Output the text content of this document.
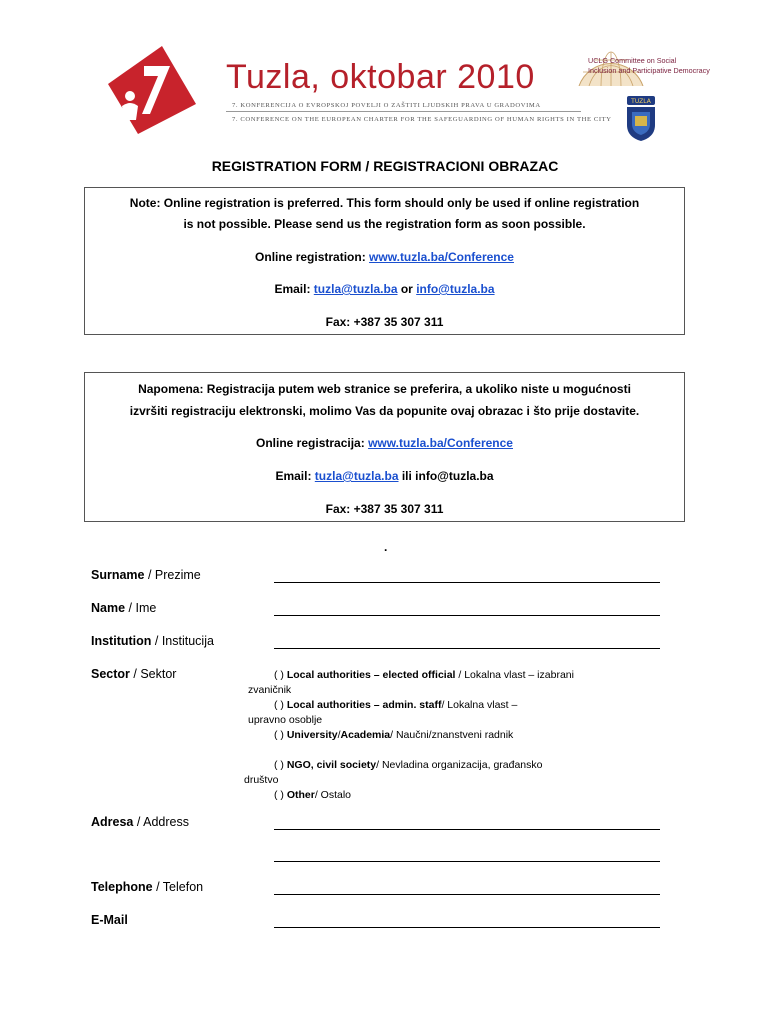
Tuzla, oktobar 2010
7. KONFERENCIJA O EVROPSKOJ POVELJI O ZAŠTITI LJUDSKIH PRAVA U GRADOVIMA
7. CONFERENCE ON THE EUROPEAN CHARTER FOR THE SAFEGUARDING OF HUMAN RIGHTS IN THE CITY
UCLG Committee on Social
Inclusion and Participative Democracy
TUZLA
REGISTRATION FORM / REGISTRACIONI OBRAZAC

Note: Online registration is preferred. This form should only be used if online registration

is not possible. Please send us the registration form as soon possible.

Online registration: www.tuzla.ba/Conference

Email: tuzla@tuzla.ba or info@tuzla.ba

Fax: +387 35 307 311

Napomena: Registracija putem web stranice se preferira, a ukoliko niste u mogućnosti

izvršiti registraciju elektronski, molimo Vas da popunite ovaj obrazac i što prije dostavite.

Online registracija: www.tuzla.ba/Conference

Email: tuzla@tuzla.ba ili info@tuzla.ba

Fax: +387 35 307 311

.
Surname / Prezime
Name / Ime
Institution / Institucija
Sector / Sektor	( ) Local authorities – elected official / Lokalna vlast – izabrani
zvaničnik
( ) Local authorities – admin. staff/ Lokalna vlast –
upravno osoblje
( ) University/Academia/ Naučni/znanstveni radnik
( ) NGO, civil society/ Nevladina organizacija, građansko
društvo
( ) Other/ Ostalo
Adresa / Address
Telephone / Telefon
E-Mail
